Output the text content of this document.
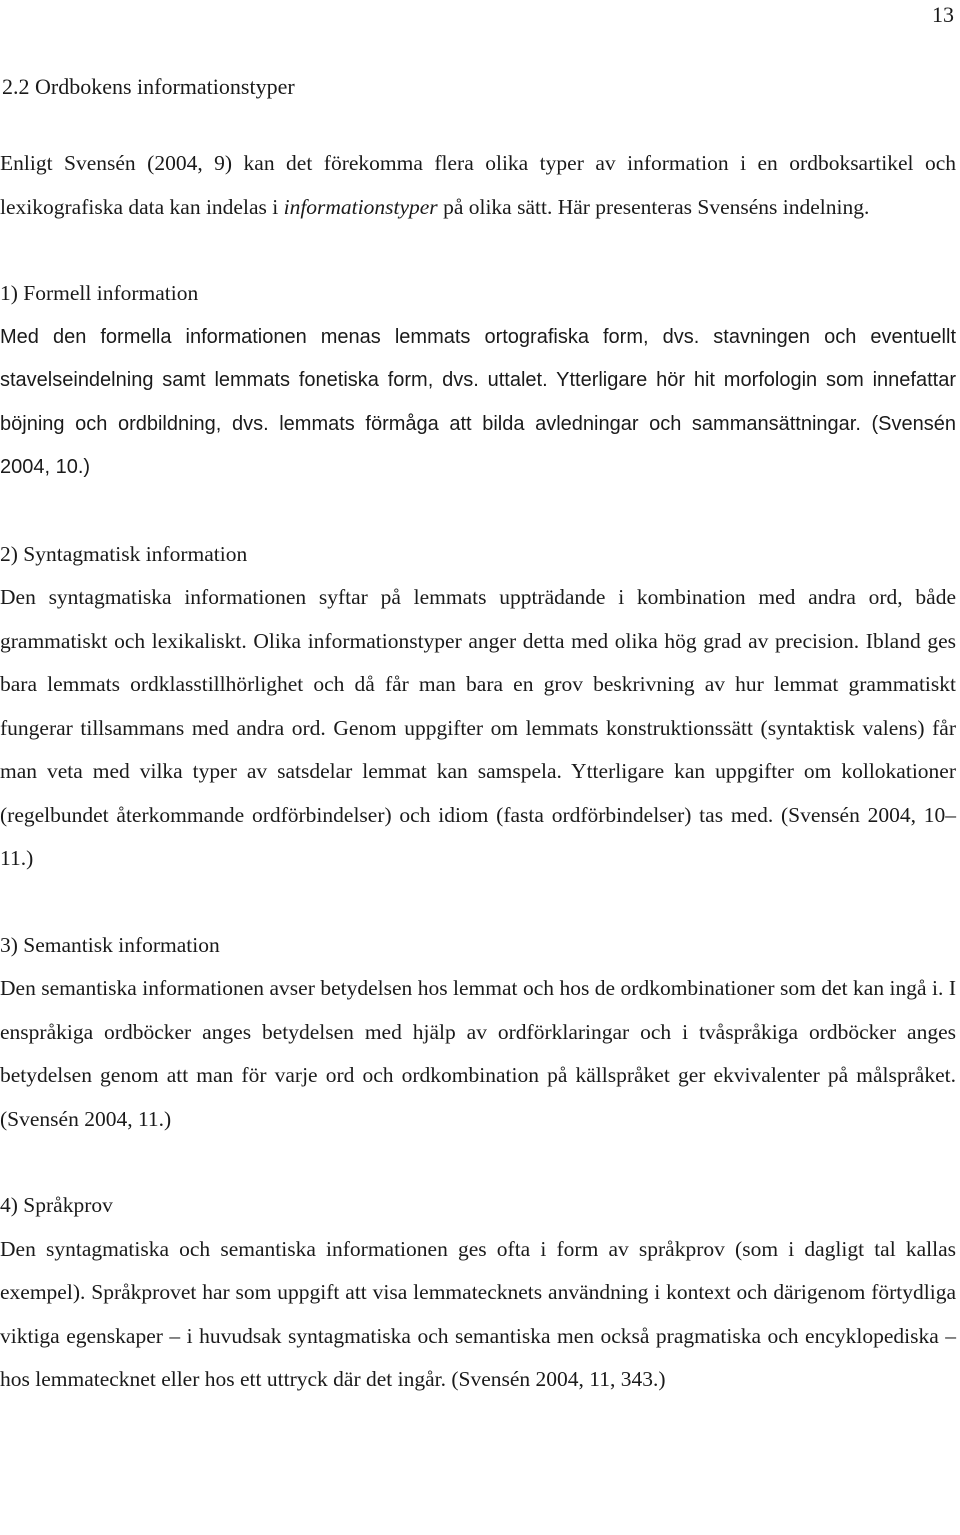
13
2.2 Ordbokens informationstyper

Enligt Svensén (2004, 9) kan det förekomma flera olika typer av information i en ordboksartikel och lexikografiska data kan indelas i informationstyper på olika sätt. Här presenteras Svenséns indelning.

1) Formell information

Med den formella informationen menas lemmats ortografiska form, dvs. stavningen och eventuellt stavelseindelning samt lemmats fonetiska form, dvs. uttalet. Ytterligare hör hit morfologin som innefattar böjning och ordbildning, dvs. lemmats förmåga att bilda avledningar och sammansättningar. (Svensén 2004, 10.)

2) Syntagmatisk information

Den syntagmatiska informationen syftar på lemmats uppträdande i kombination med andra ord, både grammatiskt och lexikaliskt. Olika informationstyper anger detta med olika hög grad av precision. Ibland ges bara lemmats ordklasstillhörlighet och då får man bara en grov beskrivning av hur lemmat grammatiskt fungerar tillsammans med andra ord. Genom uppgifter om lemmats konstruktionssätt (syntaktisk valens) får man veta med vilka typer av satsdelar lemmat kan samspela. Ytterligare kan uppgifter om kollokationer (regelbundet återkommande ordförbindelser) och idiom (fasta ordförbindelser) tas med. (Svensén 2004, 10–11.)

3) Semantisk information

Den semantiska informationen avser betydelsen hos lemmat och hos de ordkombinationer som det kan ingå i. I enspråkiga ordböcker anges betydelsen med hjälp av ordförklaringar och i tvåspråkiga ordböcker anges betydelsen genom att man för varje ord och ordkombination på källspråket ger ekvivalenter på målspråket. (Svensén 2004, 11.)

4) Språkprov

Den syntagmatiska och semantiska informationen ges ofta i form av språkprov (som i dagligt tal kallas exempel). Språkprovet har som uppgift att visa lemmatecknets användning i kontext och därigenom förtydliga viktiga egenskaper – i huvudsak syntagmatiska och semantiska men också pragmatiska och encyklopediska – hos lemmatecknet eller hos ett uttryck där det ingår. (Svensén 2004, 11, 343.)
